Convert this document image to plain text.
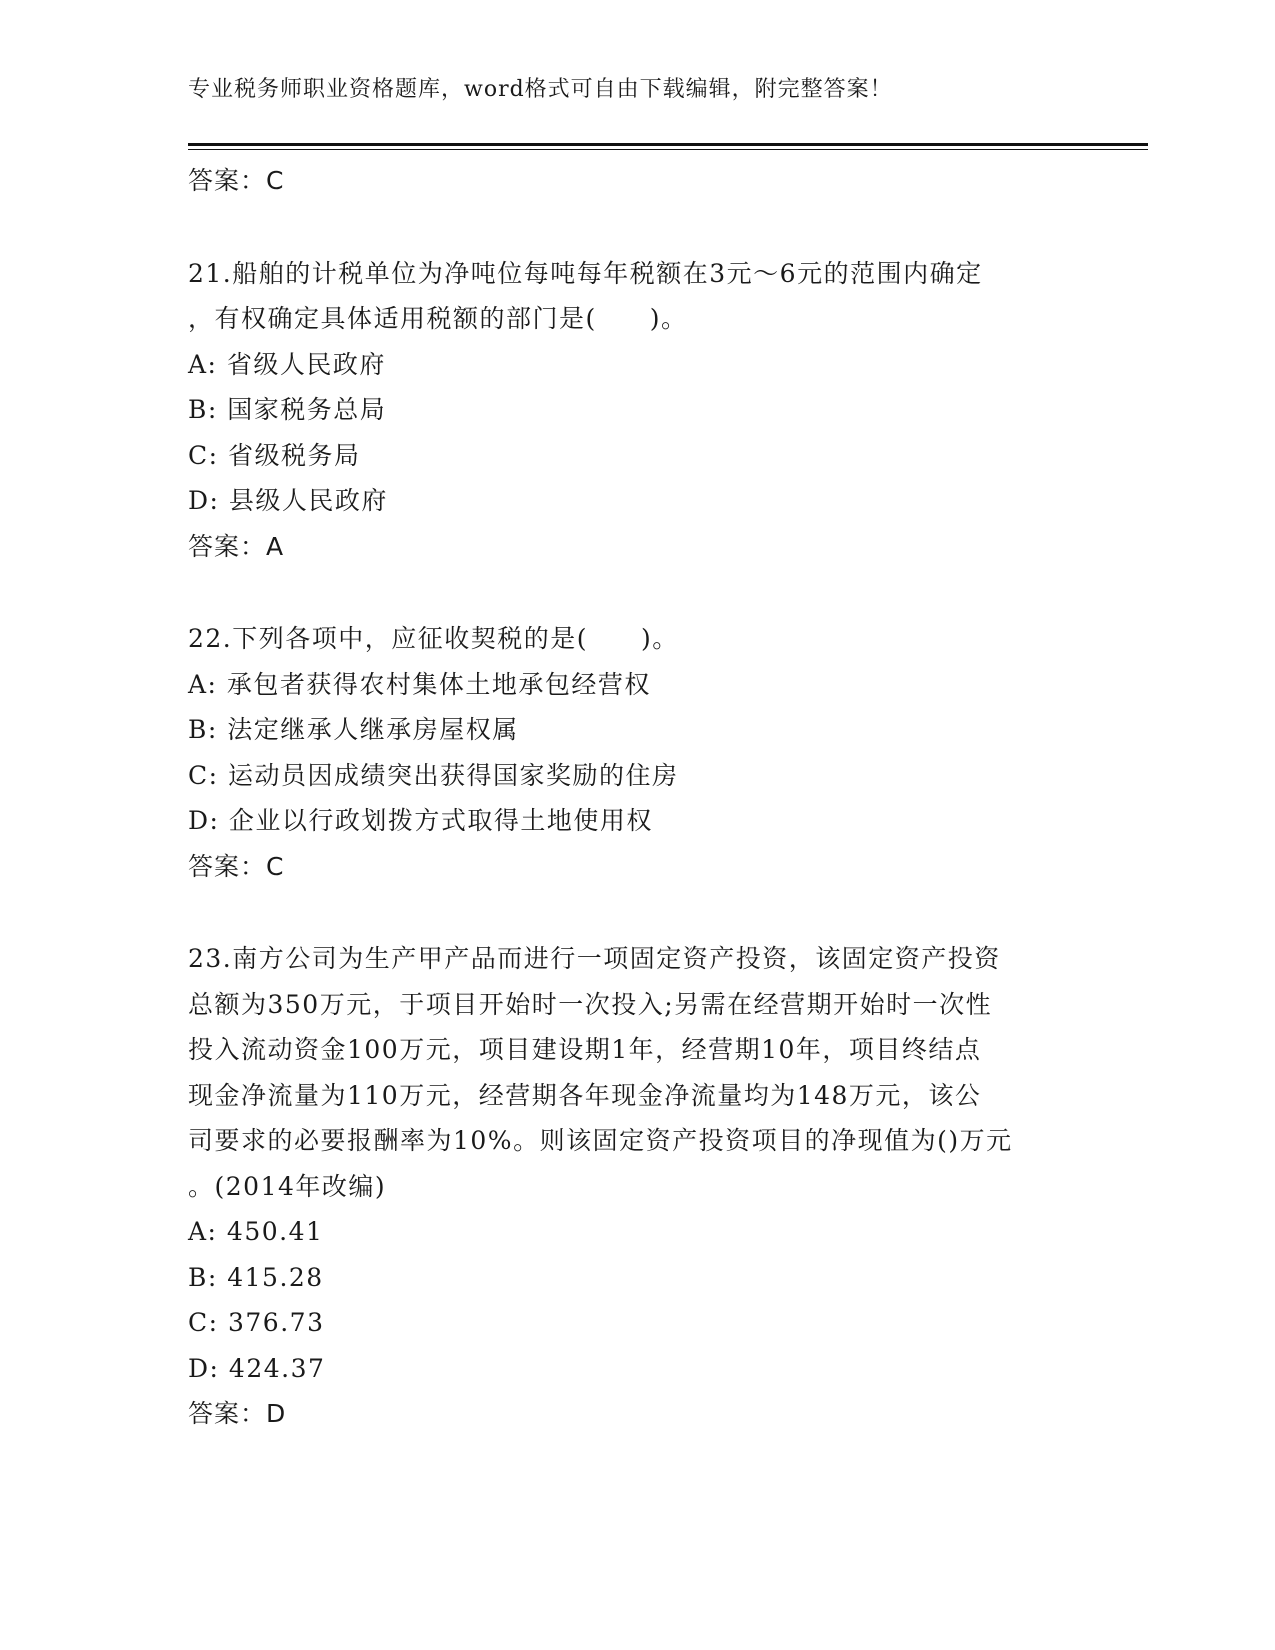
专业税务师职业资格题库，word格式可自由下载编辑，附完整答案！
答案：C
21.船舶的计税单位为净吨位每吨每年税额在3元～6元的范围内确定
，有权确定具体适用税额的部门是(　　)。
A: 省级人民政府
B: 国家税务总局
C: 省级税务局
D: 县级人民政府
答案：A
22.下列各项中，应征收契税的是(　　)。
A: 承包者获得农村集体土地承包经营权
B: 法定继承人继承房屋权属
C: 运动员因成绩突出获得国家奖励的住房
D: 企业以行政划拨方式取得土地使用权
答案：C
23.南方公司为生产甲产品而进行一项固定资产投资，该固定资产投资
总额为350万元，于项目开始时一次投入;另需在经营期开始时一次性
投入流动资金100万元，项目建设期1年，经营期10年，项目终结点
现金净流量为110万元，经营期各年现金净流量均为148万元，该公
司要求的必要报酬率为10%。则该固定资产投资项目的净现值为()万元
。(2014年改编)
A: 450.41
B: 415.28
C: 376.73
D: 424.37
答案：D
